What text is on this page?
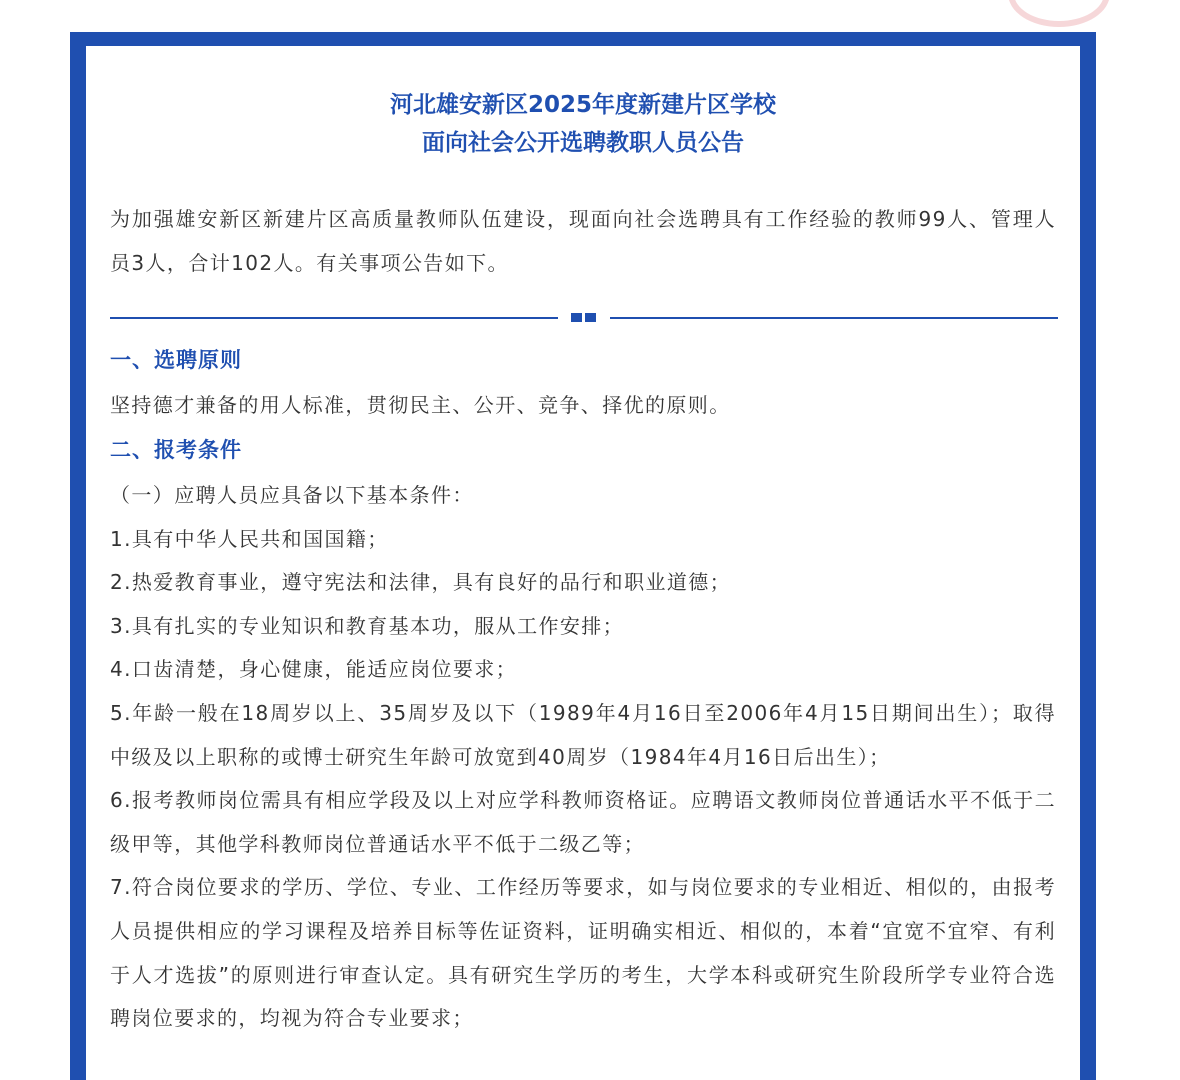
河北雄安新区2025年度新建片区学校
面向社会公开选聘教职人员公告
为加强雄安新区新建片区高质量教师队伍建设，现面向社会选聘具有工作经验的教师99人、管理人员3人，合计102人。有关事项公告如下。
一、选聘原则
坚持德才兼备的用人标准，贯彻民主、公开、竞争、择优的原则。
二、报考条件

（一）应聘人员应具备以下基本条件：

1.具有中华人民共和国国籍；

2.热爱教育事业，遵守宪法和法律，具有良好的品行和职业道德；

3.具有扎实的专业知识和教育基本功，服从工作安排；

4.口齿清楚，身心健康，能适应岗位要求；

5.年龄一般在18周岁以上、35周岁及以下（1989年4月16日至2006年4月15日期间出生）；取得中级及以上职称的或博士研究生年龄可放宽到40周岁（1984年4月16日后出生）；

6.报考教师岗位需具有相应学段及以上对应学科教师资格证。应聘语文教师岗位普通话水平不低于二级甲等，其他学科教师岗位普通话水平不低于二级乙等；

7.符合岗位要求的学历、学位、专业、工作经历等要求，如与岗位要求的专业相近、相似的，由报考人员提供相应的学习课程及培养目标等佐证资料，证明确实相近、相似的，本着“宜宽不宜窄、有利于人才选拔”的原则进行审查认定。具有研究生学历的考生，大学本科或研究生阶段所学专业符合选聘岗位要求的，均视为符合专业要求；
